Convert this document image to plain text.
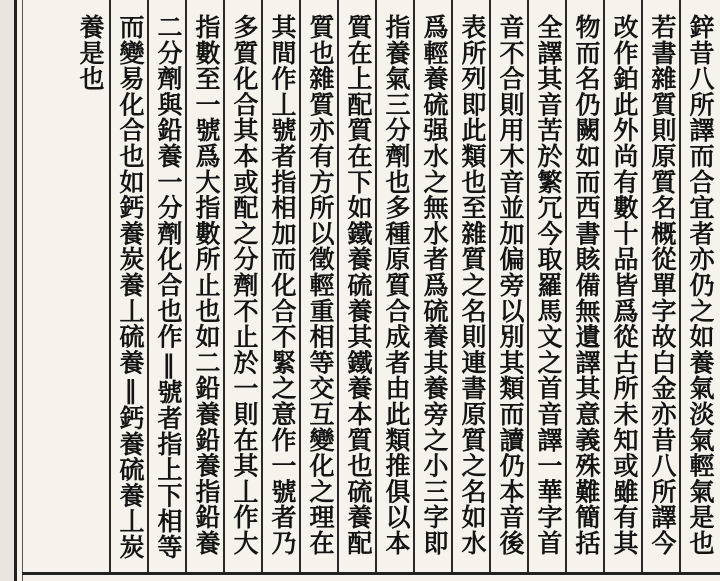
鋅昔八所譯而合宜者亦仍之如養氣淡氣輕氣是也
若書雜質則原質名概從單字故白金亦昔八所譯今
改作鉑此外尚有數十品皆爲從古所未知或雖有其
物而名仍闕如而西書賅備無遺譯其意義殊難簡括
全譯其音苦於繁冗今取羅馬文之首音譯一華字首
音不合則用木音並加偏旁以別其類而讀仍本音後
表所列即此類也至雜質之名則連書原質之名如水
爲輕養硫强水之無水者爲硫養其養旁之小三字即
指養氣三分劑也多種原質合成者由此類推俱以本
質在上配質在下如鐵養硫養其鐵養本質也硫養配
質也雜質亦有方所以徵輕重相等交互變化之理在
其間作丄號者指相加而化合不緊之意作一號者乃
多質化合其本或配之分劑不止於一則在其丄作大
指數至一號爲大指數所止也如二鉛養鉛養指鉛養
二分劑與鉛養一分劑化合也作‖號者指上下相等
而變易化合也如鈣養炭養丄硫養‖鈣養硫養丄炭
養是也
